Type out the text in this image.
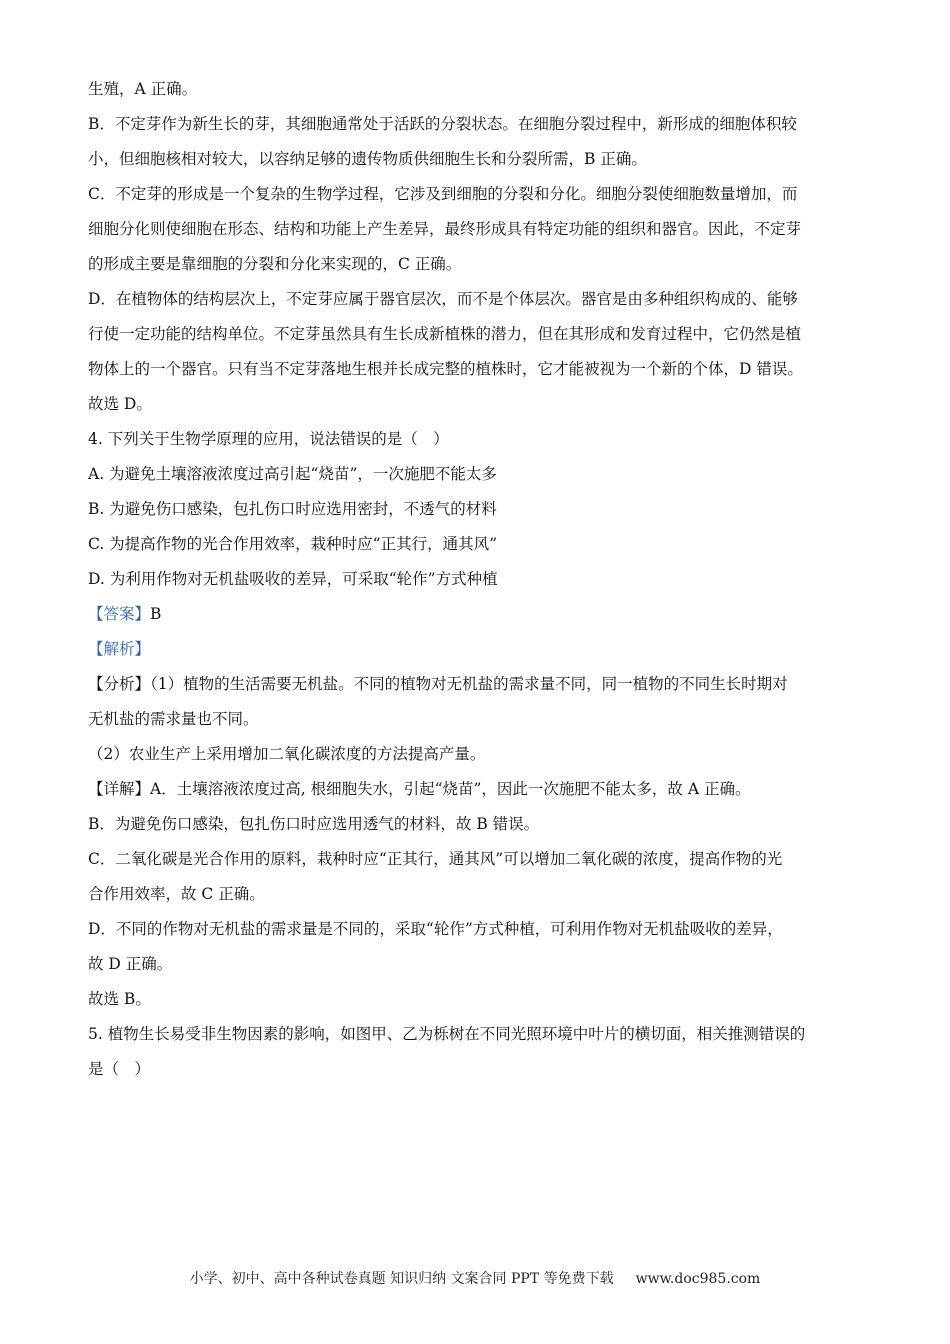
生殖，A 正确。
B．不定芽作为新生长的芽，其细胞通常处于活跃的分裂状态。在细胞分裂过程中，新形成的细胞体积较
小，但细胞核相对较大，以容纳足够的遗传物质供细胞生长和分裂所需，B 正确。
C．不定芽的形成是一个复杂的生物学过程，它涉及到细胞的分裂和分化。细胞分裂使细胞数量增加，而
细胞分化则使细胞在形态、结构和功能上产生差异，最终形成具有特定功能的组织和器官。因此，不定芽
的形成主要是靠细胞的分裂和分化来实现的，C 正确。
D．在植物体的结构层次上，不定芽应属于器官层次，而不是个体层次。器官是由多种组织构成的、能够
行使一定功能的结构单位。不定芽虽然具有生长成新植株的潜力，但在其形成和发育过程中，它仍然是植
物体上的一个器官。只有当不定芽落地生根并长成完整的植株时，它才能被视为一个新的个体，D 错误。
故选 D。
4. 下列关于生物学原理的应用，说法错误的是（　）
A. 为避免土壤溶液浓度过高引起“烧苗”，一次施肥不能太多
B. 为避免伤口感染，包扎伤口时应选用密封，不透气的材料
C. 为提高作物的光合作用效率，栽种时应“正其行，通其风”
D. 为利用作物对无机盐吸收的差异，可采取“轮作”方式种植
【答案】B
【解析】
【分析】（1）植物的生活需要无机盐。不同的植物对无机盐的需求量不同，同一植物的不同生长时期对
无机盐的需求量也不同。
（2）农业生产上采用增加二氧化碳浓度的方法提高产量。
【详解】A．土壤溶液浓度过高, 根细胞失水，引起“烧苗”，因此一次施肥不能太多，故 A 正确。
B．为避免伤口感染，包扎伤口时应选用透气的材料，故 B 错误。
C．二氧化碳是光合作用的原料，栽种时应“正其行，通其风”可以增加二氧化碳的浓度，提高作物的光
合作用效率，故 C 正确。
D．不同的作物对无机盐的需求量是不同的，采取“轮作”方式种植，可利用作物对无机盐吸收的差异，
故 D 正确。
故选 B。
5. 植物生长易受非生物因素的影响，如图甲、乙为栎树在不同光照环境中叶片的横切面，相关推测错误的
是（　）
小学、初中、高中各种试卷真题 知识归纳 文案合同 PPT 等免费下载 www.doc985.com
